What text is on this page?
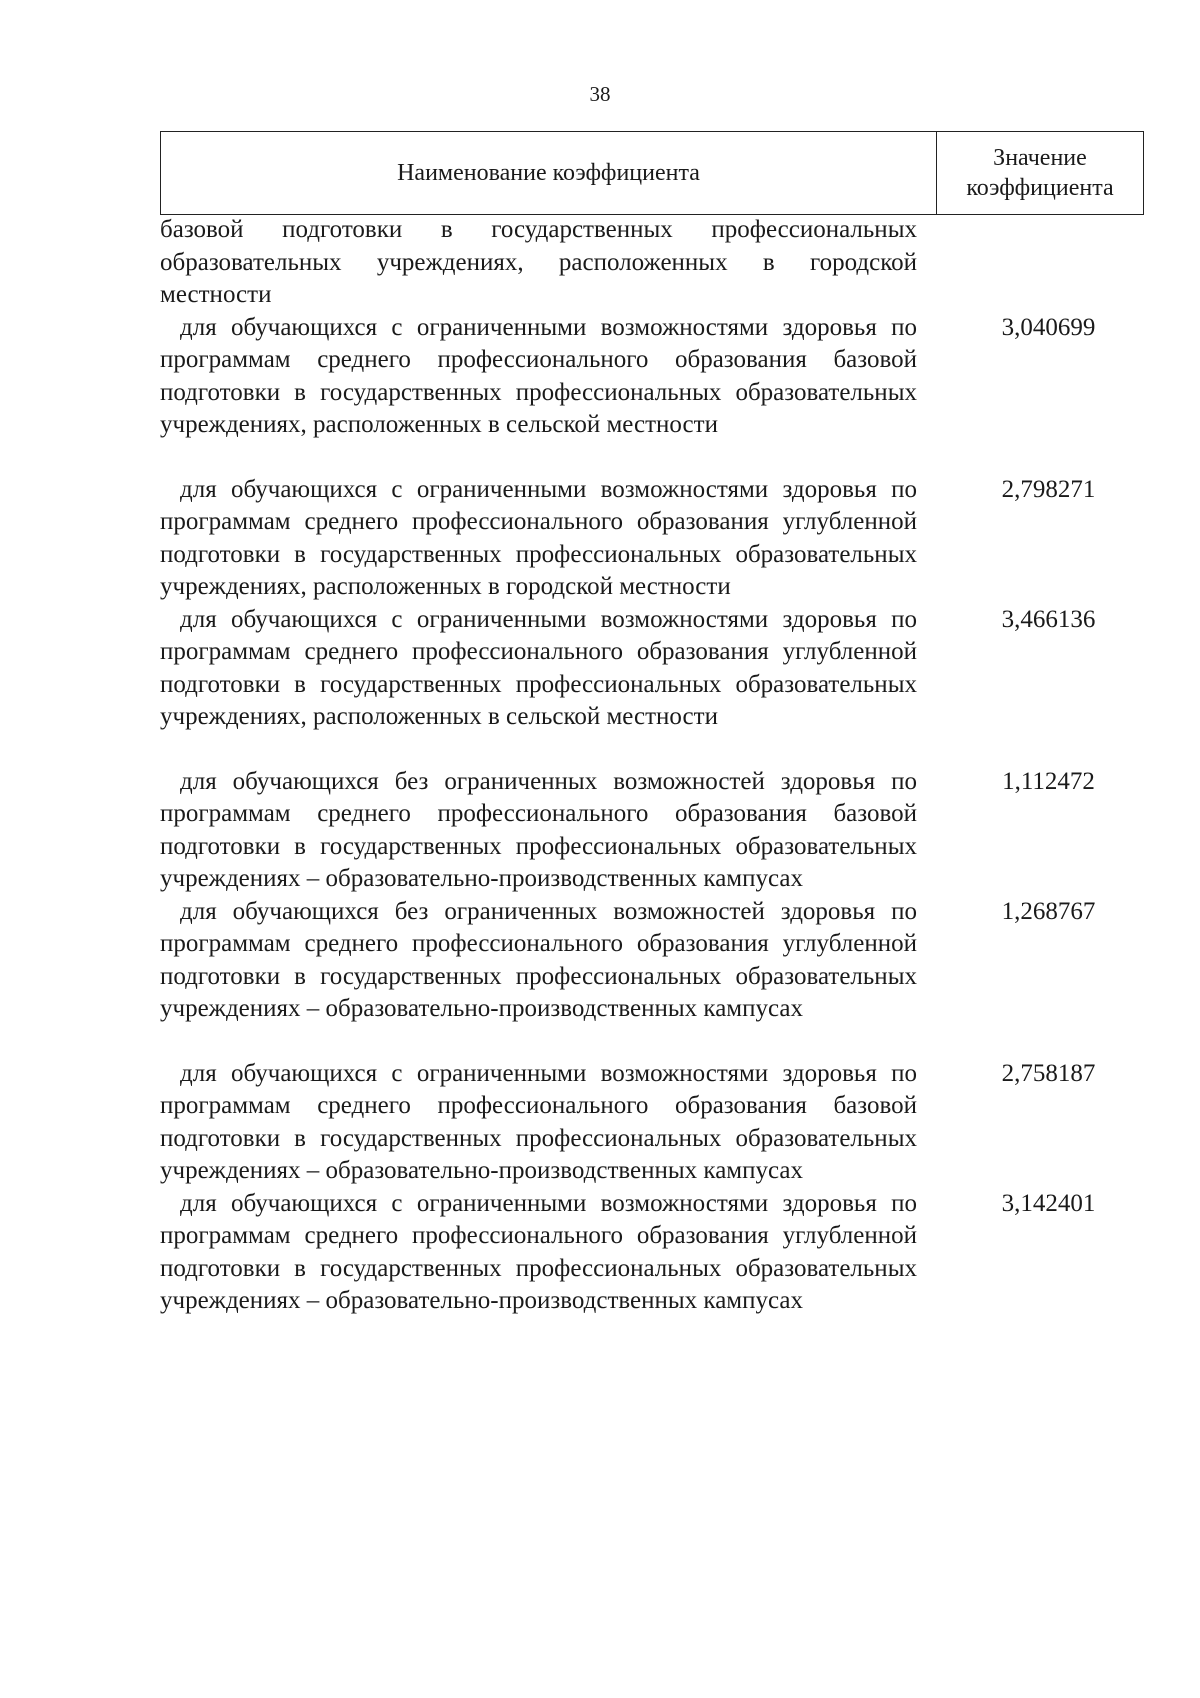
38
Наименование коэффициента
Значение
коэффициента
базовой подготовки в государственных профессиональных образовательных учреждениях, расположенных в городской местности
для обучающихся с ограниченными возможностями здоровья по программам среднего профессионального образования базовой подготовки в государственных профессиональных образовательных учреждениях, расположенных в сельской местности
3,040699
для обучающихся с ограниченными возможностями здоровья по программам среднего профессионального образования углубленной подготовки в государственных профессиональных образовательных учреждениях, расположенных в городской местности
2,798271
для обучающихся с ограниченными возможностями здоровья по программам среднего профессионального образования углубленной подготовки в государственных профессиональных образовательных учреждениях, расположенных в сельской местности
3,466136
для обучающихся без ограниченных возможностей здоровья по программам среднего профессионального образования базовой подготовки в государственных профессиональных образовательных учреждениях – образовательно-производственных кампусах
1,112472
для обучающихся без ограниченных возможностей здоровья по программам среднего профессионального образования углубленной подготовки в государственных профессиональных образовательных учреждениях – образовательно-производственных кампусах
1,268767
для обучающихся с ограниченными возможностями здоровья по программам среднего профессионального образования базовой подготовки в государственных профессиональных образовательных учреждениях – образовательно-производственных кампусах
2,758187
для обучающихся с ограниченными возможностями здоровья по программам среднего профессионального образования углубленной подготовки в государственных профессиональных образовательных учреждениях – образовательно-производственных кампусах
3,142401
